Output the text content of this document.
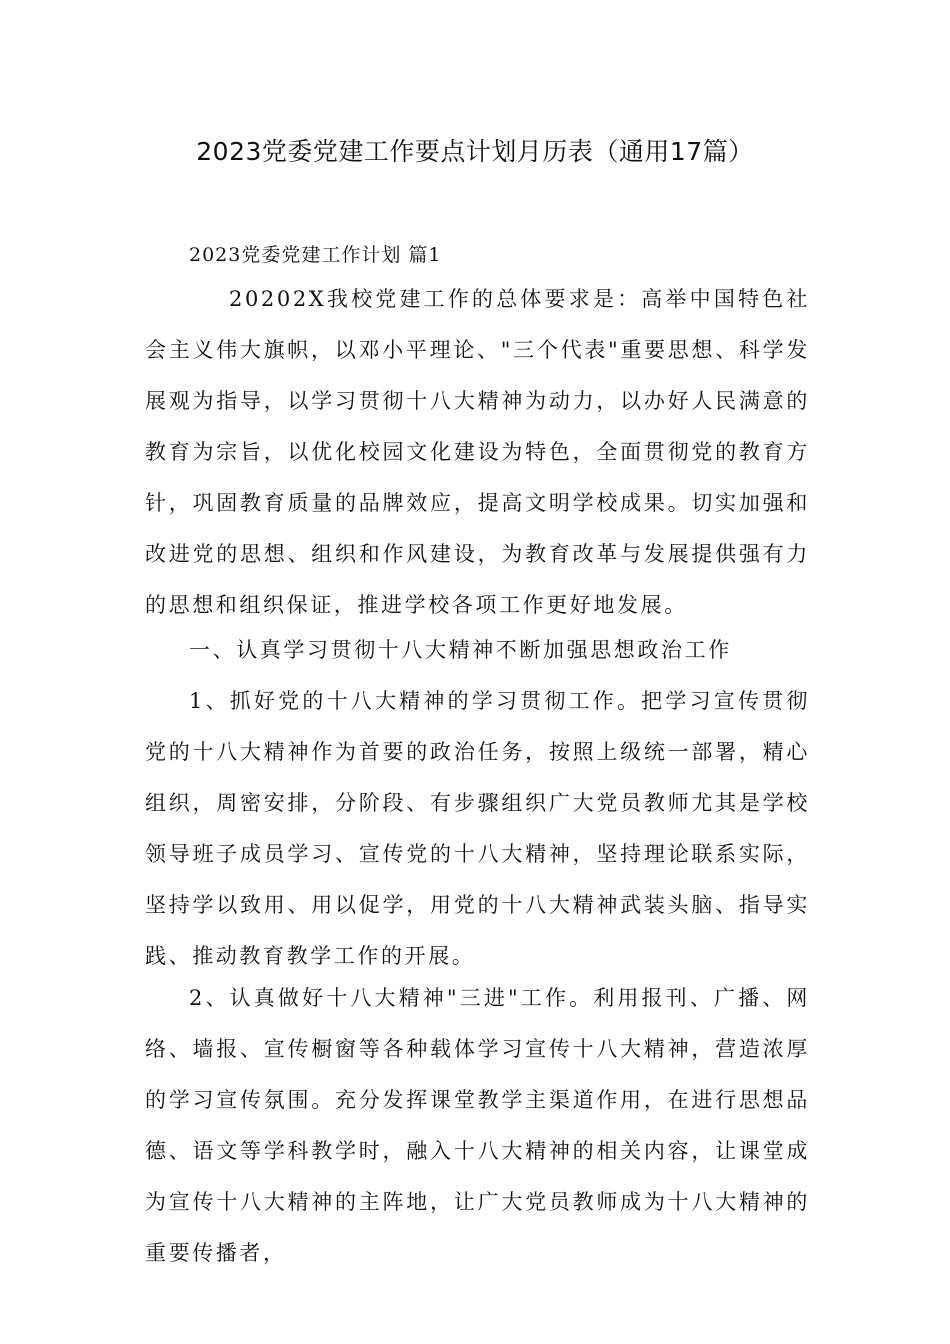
2023党委党建工作要点计划月历表（通用17篇）
2023党委党建工作计划 篇1

20202X我校党建工作的总体要求是：高举中国特色社会主义伟大旗帜，以邓小平理论、"三个代表"重要思想、科学发展观为指导，以学习贯彻十八大精神为动力，以办好人民满意的教育为宗旨，以优化校园文化建设为特色，全面贯彻党的教育方针，巩固教育质量的品牌效应，提高文明学校成果。切实加强和改进党的思想、组织和作风建设，为教育改革与发展提供强有力的思想和组织保证，推进学校各项工作更好地发展。

一、认真学习贯彻十八大精神不断加强思想政治工作

1、抓好党的十八大精神的学习贯彻工作。把学习宣传贯彻党的十八大精神作为首要的政治任务，按照上级统一部署，精心组织，周密安排，分阶段、有步骤组织广大党员教师尤其是学校领导班子成员学习、宣传党的十八大精神，坚持理论联系实际，坚持学以致用、用以促学，用党的十八大精神武装头脑、指导实践、推动教育教学工作的开展。

2、认真做好十八大精神"三进"工作。利用报刊、广播、网络、墙报、宣传橱窗等各种载体学习宣传十八大精神，营造浓厚的学习宣传氛围。充分发挥课堂教学主渠道作用，在进行思想品德、语文等学科教学时，融入十八大精神的相关内容，让课堂成为宣传十八大精神的主阵地，让广大党员教师成为十八大精神的重要传播者，
